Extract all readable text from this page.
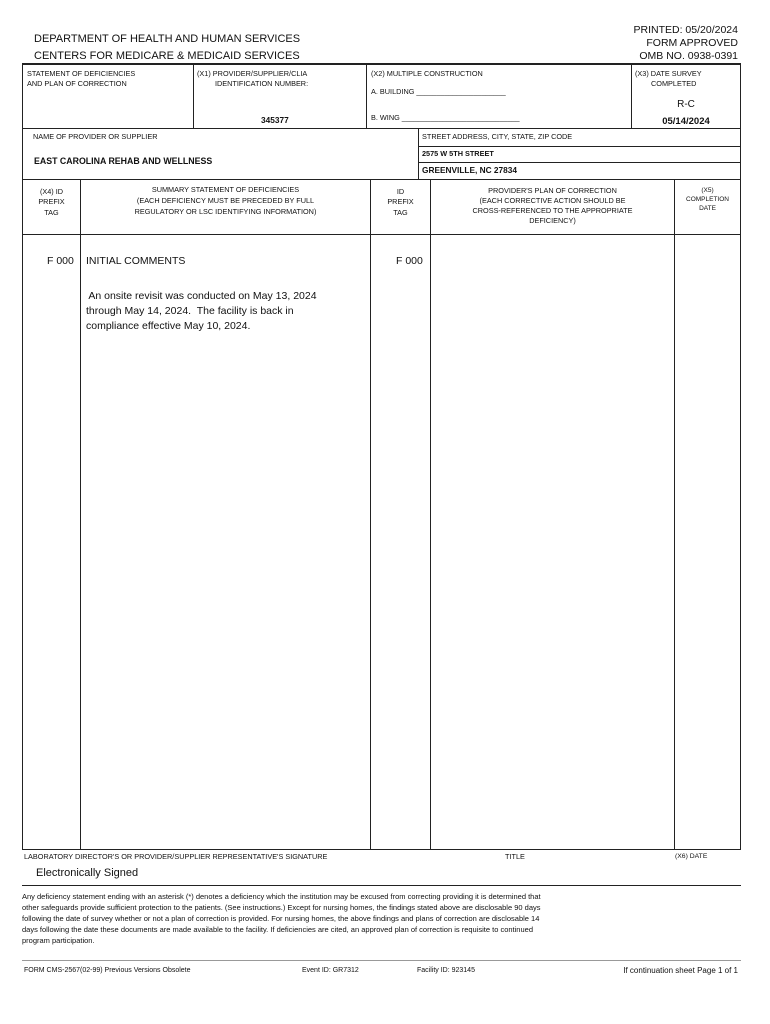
DEPARTMENT OF HEALTH AND HUMAN SERVICES
CENTERS FOR MEDICARE & MEDICAID SERVICES
PRINTED: 05/20/2024
FORM APPROVED
OMB NO. 0938-0391
STATEMENT OF DEFICIENCIES
AND PLAN OF CORRECTION
(X1) PROVIDER/SUPPLIER/CLIA
IDENTIFICATION NUMBER:
345377
(X2) MULTIPLE CONSTRUCTION
A. BUILDING ______________________
B. WING _____________________________
(X3) DATE SURVEY
COMPLETED
R-C
05/14/2024
NAME OF PROVIDER OR SUPPLIER
EAST CAROLINA REHAB AND WELLNESS
STREET ADDRESS, CITY, STATE, ZIP CODE
2575 W 5TH STREET
GREENVILLE, NC 27834
(X4) ID
PREFIX
TAG
SUMMARY STATEMENT OF DEFICIENCIES
(EACH DEFICIENCY MUST BE PRECEDED BY FULL
REGULATORY OR LSC IDENTIFYING INFORMATION)
ID
PREFIX
TAG
PROVIDER'S PLAN OF CORRECTION
(EACH CORRECTIVE ACTION SHOULD BE
CROSS-REFERENCED TO THE APPROPRIATE
DEFICIENCY)
(X5)
COMPLETION
DATE
F 000 INITIAL COMMENTS	F 000
An onsite revisit was conducted on May 13, 2024
through May 14, 2024.  The facility is back in
compliance effective May 10, 2024.
LABORATORY DIRECTOR'S OR PROVIDER/SUPPLIER REPRESENTATIVE'S SIGNATURE	TITLE	(X6) DATE
Electronically Signed
Any deficiency statement ending with an asterisk (*) denotes a deficiency which the institution may be excused from correcting providing it is determined that
other safeguards provide sufficient protection to the patients. (See instructions.) Except for nursing homes, the findings stated above are disclosable 90 days
following the date of survey whether or not a plan of correction is provided. For nursing homes, the above findings and plans of correction are disclosable 14
days following the date these documents are made available to the facility. If deficiencies are cited, an approved plan of correction is requisite to continued
program participation.
FORM CMS-2567(02-99) Previous Versions Obsolete	Event ID: GR7312	Facility ID: 923145	If continuation sheet Page 1 of 1
